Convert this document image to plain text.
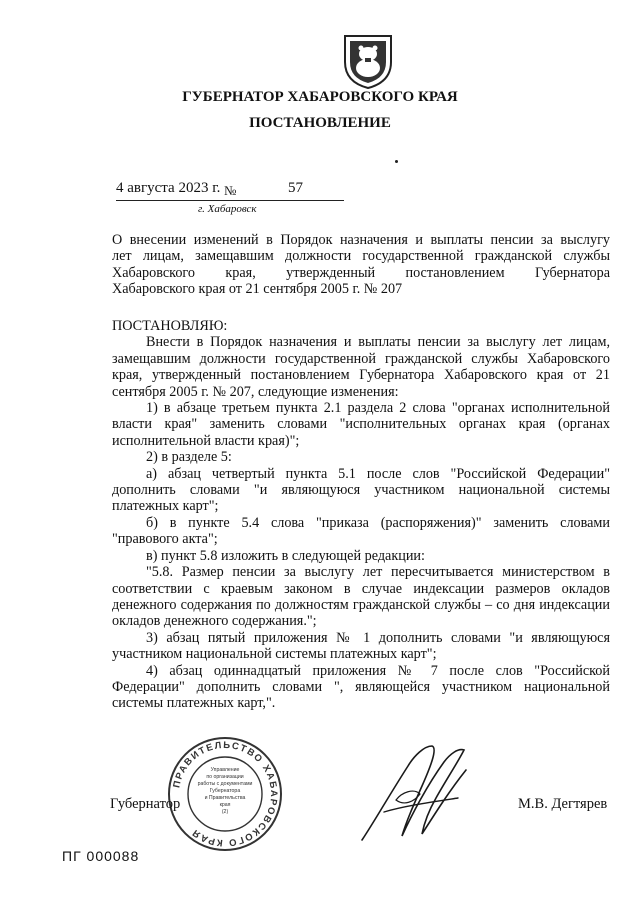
ГУБЕРНАТОР ХАБАРОВСКОГО КРАЯ
ПОСТАНОВЛЕНИЕ
4 августа 2023 г. №	57
г. Хабаровск
О внесении изменений в Порядок назначения и выплаты пенсии за выслугу
лет лицам, замещавшим должности государственной гражданской службы
Хабаровского края, утвержденный постановлением Губернатора
Хабаровского края от 21 сентября 2005 г. № 207

ПОСТАНОВЛЯЮ:

Внести в Порядок назначения и выплаты пенсии за выслугу лет лицам, замещавшим должности государственной гражданской службы Хабаровского края, утвержденный постановлением Губернатора Хабаровского края от 21 сентября 2005 г. № 207, следующие изменения:

1) в абзаце третьем пункта 2.1 раздела 2 слова "органах исполнительной власти края" заменить словами "исполнительных органах края (органах исполнительной власти края)";

2) в разделе 5:

а) абзац четвертый пункта 5.1 после слов "Российской Федерации" дополнить словами "и являющуюся участником национальной системы платежных карт";

б) в пункте 5.4 слова "приказа (распоряжения)" заменить словами "правового акта";

в) пункт 5.8 изложить в следующей редакции:

"5.8. Размер пенсии за выслугу лет пересчитывается министерством в соответствии с краевым законом в случае индексации размеров окладов денежного содержания по должностям гражданской службы – со дня индексации окладов денежного содержания.";

3) абзац пятый приложения № 1 дополнить словами "и являющуюся участником национальной системы платежных карт";

4) абзац одиннадцатый приложения № 7 после слов "Российской Федерации" дополнить словами ", являющейся участником национальной системы платежных карт,".

ПРАВИТЕЛЬСТВО ХАБАРОВСКОГО КРАЯ
Управление
по организации
работы с документами
Губернатора
и Правительства
края
(2)
Губернатор	М.В. Дегтярев
ПГ 000088
